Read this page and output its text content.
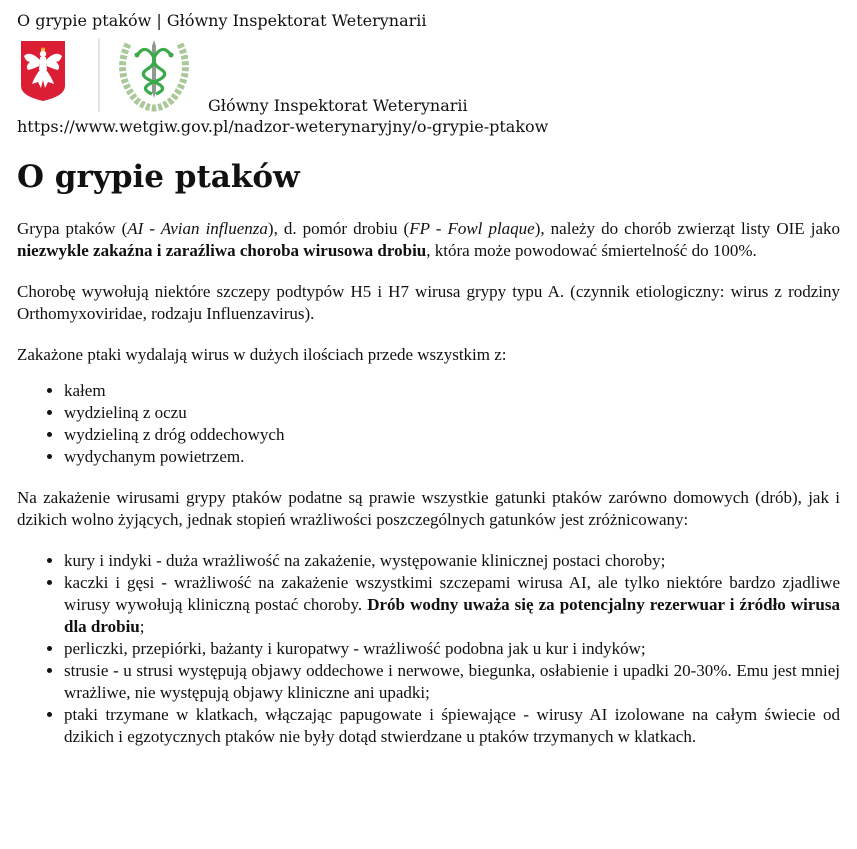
O grypie ptaków | Główny Inspektorat Weterynarii
Główny Inspektorat Weterynarii
https://www.wetgiw.gov.pl/nadzor-weterynaryjny/o-grypie-ptakow
O grypie ptaków

Grypa ptaków (AI - Avian influenza), d. pomór drobiu (FP - Fowl plaque), należy do chorób zwierząt listy OIE jako niezwykle zakaźna i zaraźliwa choroba wirusowa drobiu, która może powodować śmiertelność do 100%.

Chorobę wywołują niektóre szczepy podtypów H5 i H7 wirusa grypy typu A. (czynnik etiologiczny: wirus z rodziny Orthomyxoviridae, rodzaju Influenzavirus).

Zakażone ptaki wydalają wirus w dużych ilościach przede wszystkim z:

• kałem
• wydzieliną z oczu
• wydzieliną z dróg oddechowych
• wydychanym powietrzem.

Na zakażenie wirusami grypy ptaków podatne są prawie wszystkie gatunki ptaków zarówno domowych (drób), jak i dzikich wolno żyjących, jednak stopień wrażliwości poszczególnych gatunków jest zróżnicowany:

• kury i indyki - duża wrażliwość na zakażenie, występowanie klinicznej postaci choroby;
• kaczki i gęsi - wrażliwość na zakażenie wszystkimi szczepami wirusa AI, ale tylko niektóre bardzo zjadliwe wirusy wywołują kliniczną postać choroby. Drób wodny uważa się za potencjalny rezerwuar i źródło wirusa dla drobiu;
• perliczki, przepiórki, bażanty i kuropatwy - wrażliwość podobna jak u kur i indyków;
• strusie - u strusi występują objawy oddechowe i nerwowe, biegunka, osłabienie i upadki 20-30%. Emu jest mniej wrażliwe, nie występują objawy kliniczne ani upadki;
• ptaki trzymane w klatkach, włączając papugowate i śpiewające - wirusy AI izolowane na całym świecie od dzikich i egzotycznych ptaków nie były dotąd stwierdzane u ptaków trzymanych w klatkach.
